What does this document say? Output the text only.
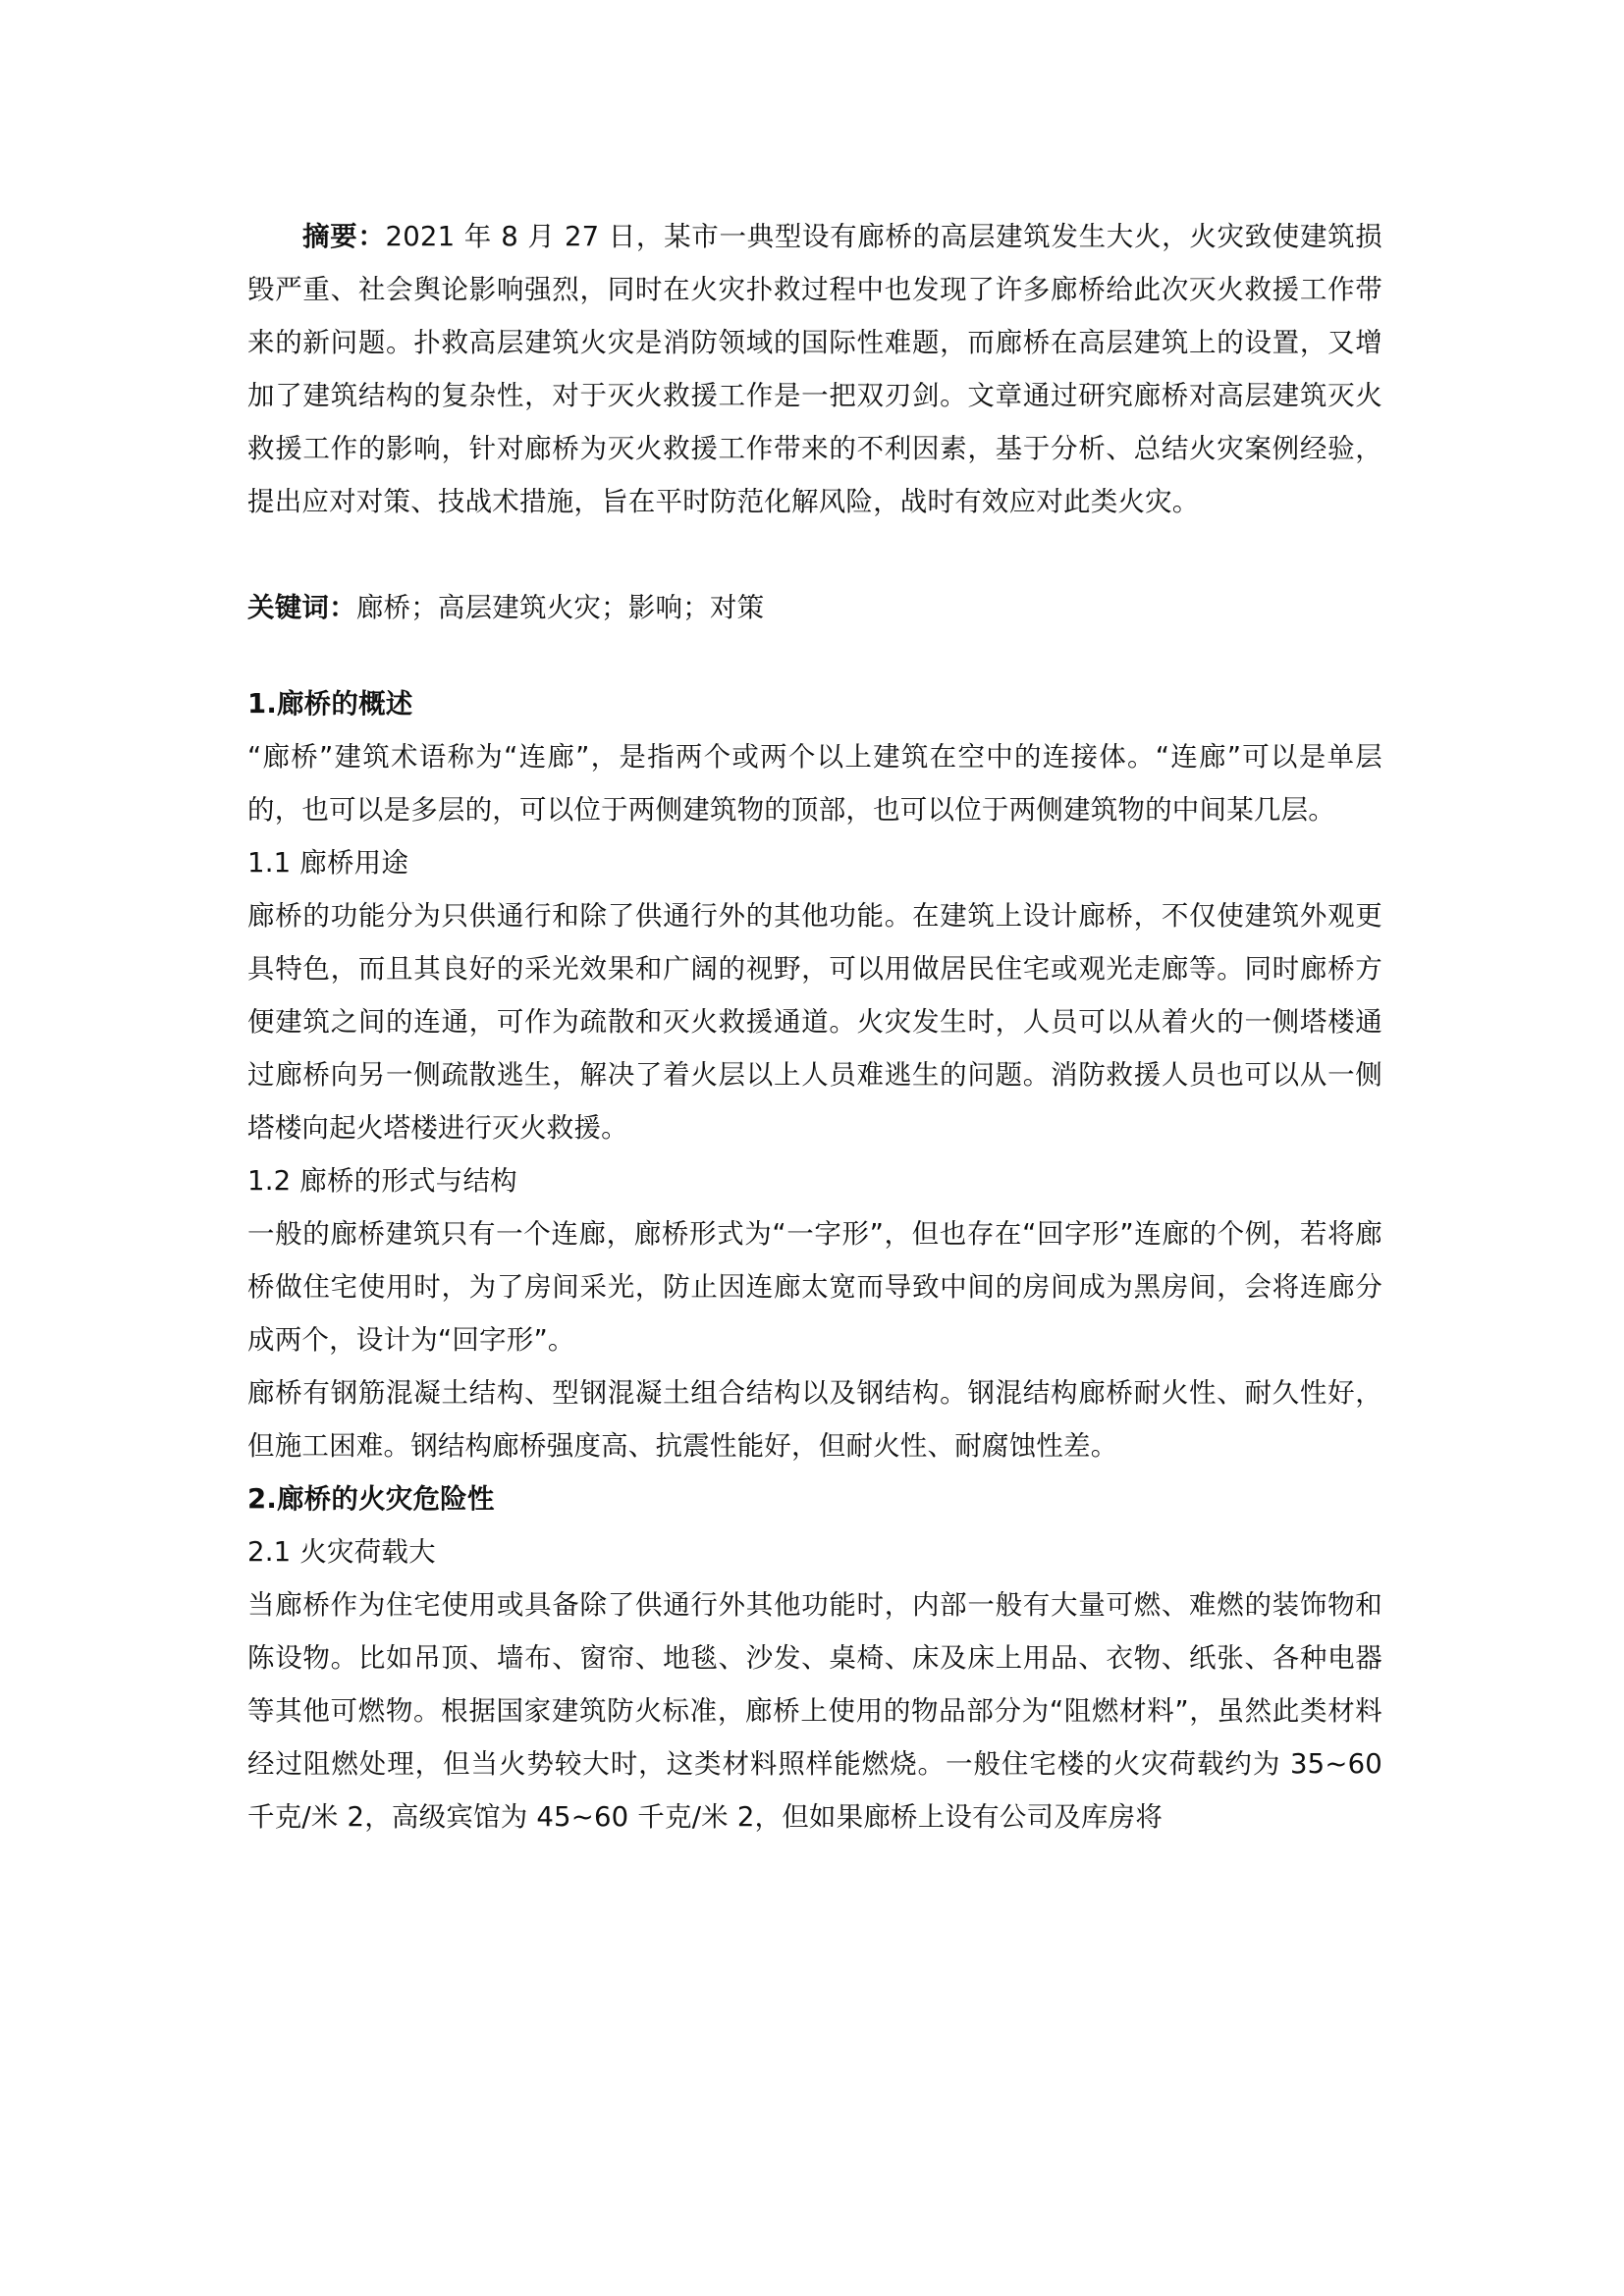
摘要：2021 年 8 月 27 日，某市一典型设有廊桥的高层建筑发生大火，火灾致使建筑损毁严重、社会舆论影响强烈，同时在火灾扑救过程中也发现了许多廊桥给此次灭火救援工作带来的新问题。扑救高层建筑火灾是消防领域的国际性难题，而廊桥在高层建筑上的设置，又增加了建筑结构的复杂性，对于灭火救援工作是一把双刃剑。文章通过研究廊桥对高层建筑灭火救援工作的影响，针对廊桥为灭火救援工作带来的不利因素，基于分析、总结火灾案例经验，提出应对对策、技战术措施，旨在平时防范化解风险，战时有效应对此类火灾。

关键词：廊桥；高层建筑火灾；影响；对策

1.廊桥的概述

“廊桥”建筑术语称为“连廊”，是指两个或两个以上建筑在空中的连接体。“连廊”可以是单层的，也可以是多层的，可以位于两侧建筑物的顶部，也可以位于两侧建筑物的中间某几层。

1.1 廊桥用途

廊桥的功能分为只供通行和除了供通行外的其他功能。在建筑上设计廊桥，不仅使建筑外观更具特色，而且其良好的采光效果和广阔的视野，可以用做居民住宅或观光走廊等。同时廊桥方便建筑之间的连通，可作为疏散和灭火救援通道。火灾发生时，人员可以从着火的一侧塔楼通过廊桥向另一侧疏散逃生，解决了着火层以上人员难逃生的问题。消防救援人员也可以从一侧塔楼向起火塔楼进行灭火救援。

1.2 廊桥的形式与结构

一般的廊桥建筑只有一个连廊，廊桥形式为“一字形”，但也存在“回字形”连廊的个例，若将廊桥做住宅使用时，为了房间采光，防止因连廊太宽而导致中间的房间成为黑房间，会将连廊分成两个，设计为“回字形”。

廊桥有钢筋混凝土结构、型钢混凝土组合结构以及钢结构。钢混结构廊桥耐火性、耐久性好，但施工困难。钢结构廊桥强度高、抗震性能好，但耐火性、耐腐蚀性差。

2.廊桥的火灾危险性
2.1 火灾荷载大

当廊桥作为住宅使用或具备除了供通行外其他功能时，内部一般有大量可燃、难燃的装饰物和陈设物。比如吊顶、墙布、窗帘、地毯、沙发、桌椅、床及床上用品、衣物、纸张、各种电器等其他可燃物。根据国家建筑防火标准，廊桥上使用的物品部分为“阻燃材料”，虽然此类材料经过阻燃处理，但当火势较大时，这类材料照样能燃烧。一般住宅楼的火灾荷载约为 35~60 千克/米 2，高级宾馆为 45~60 千克/米 2，但如果廊桥上设有公司及库房将
